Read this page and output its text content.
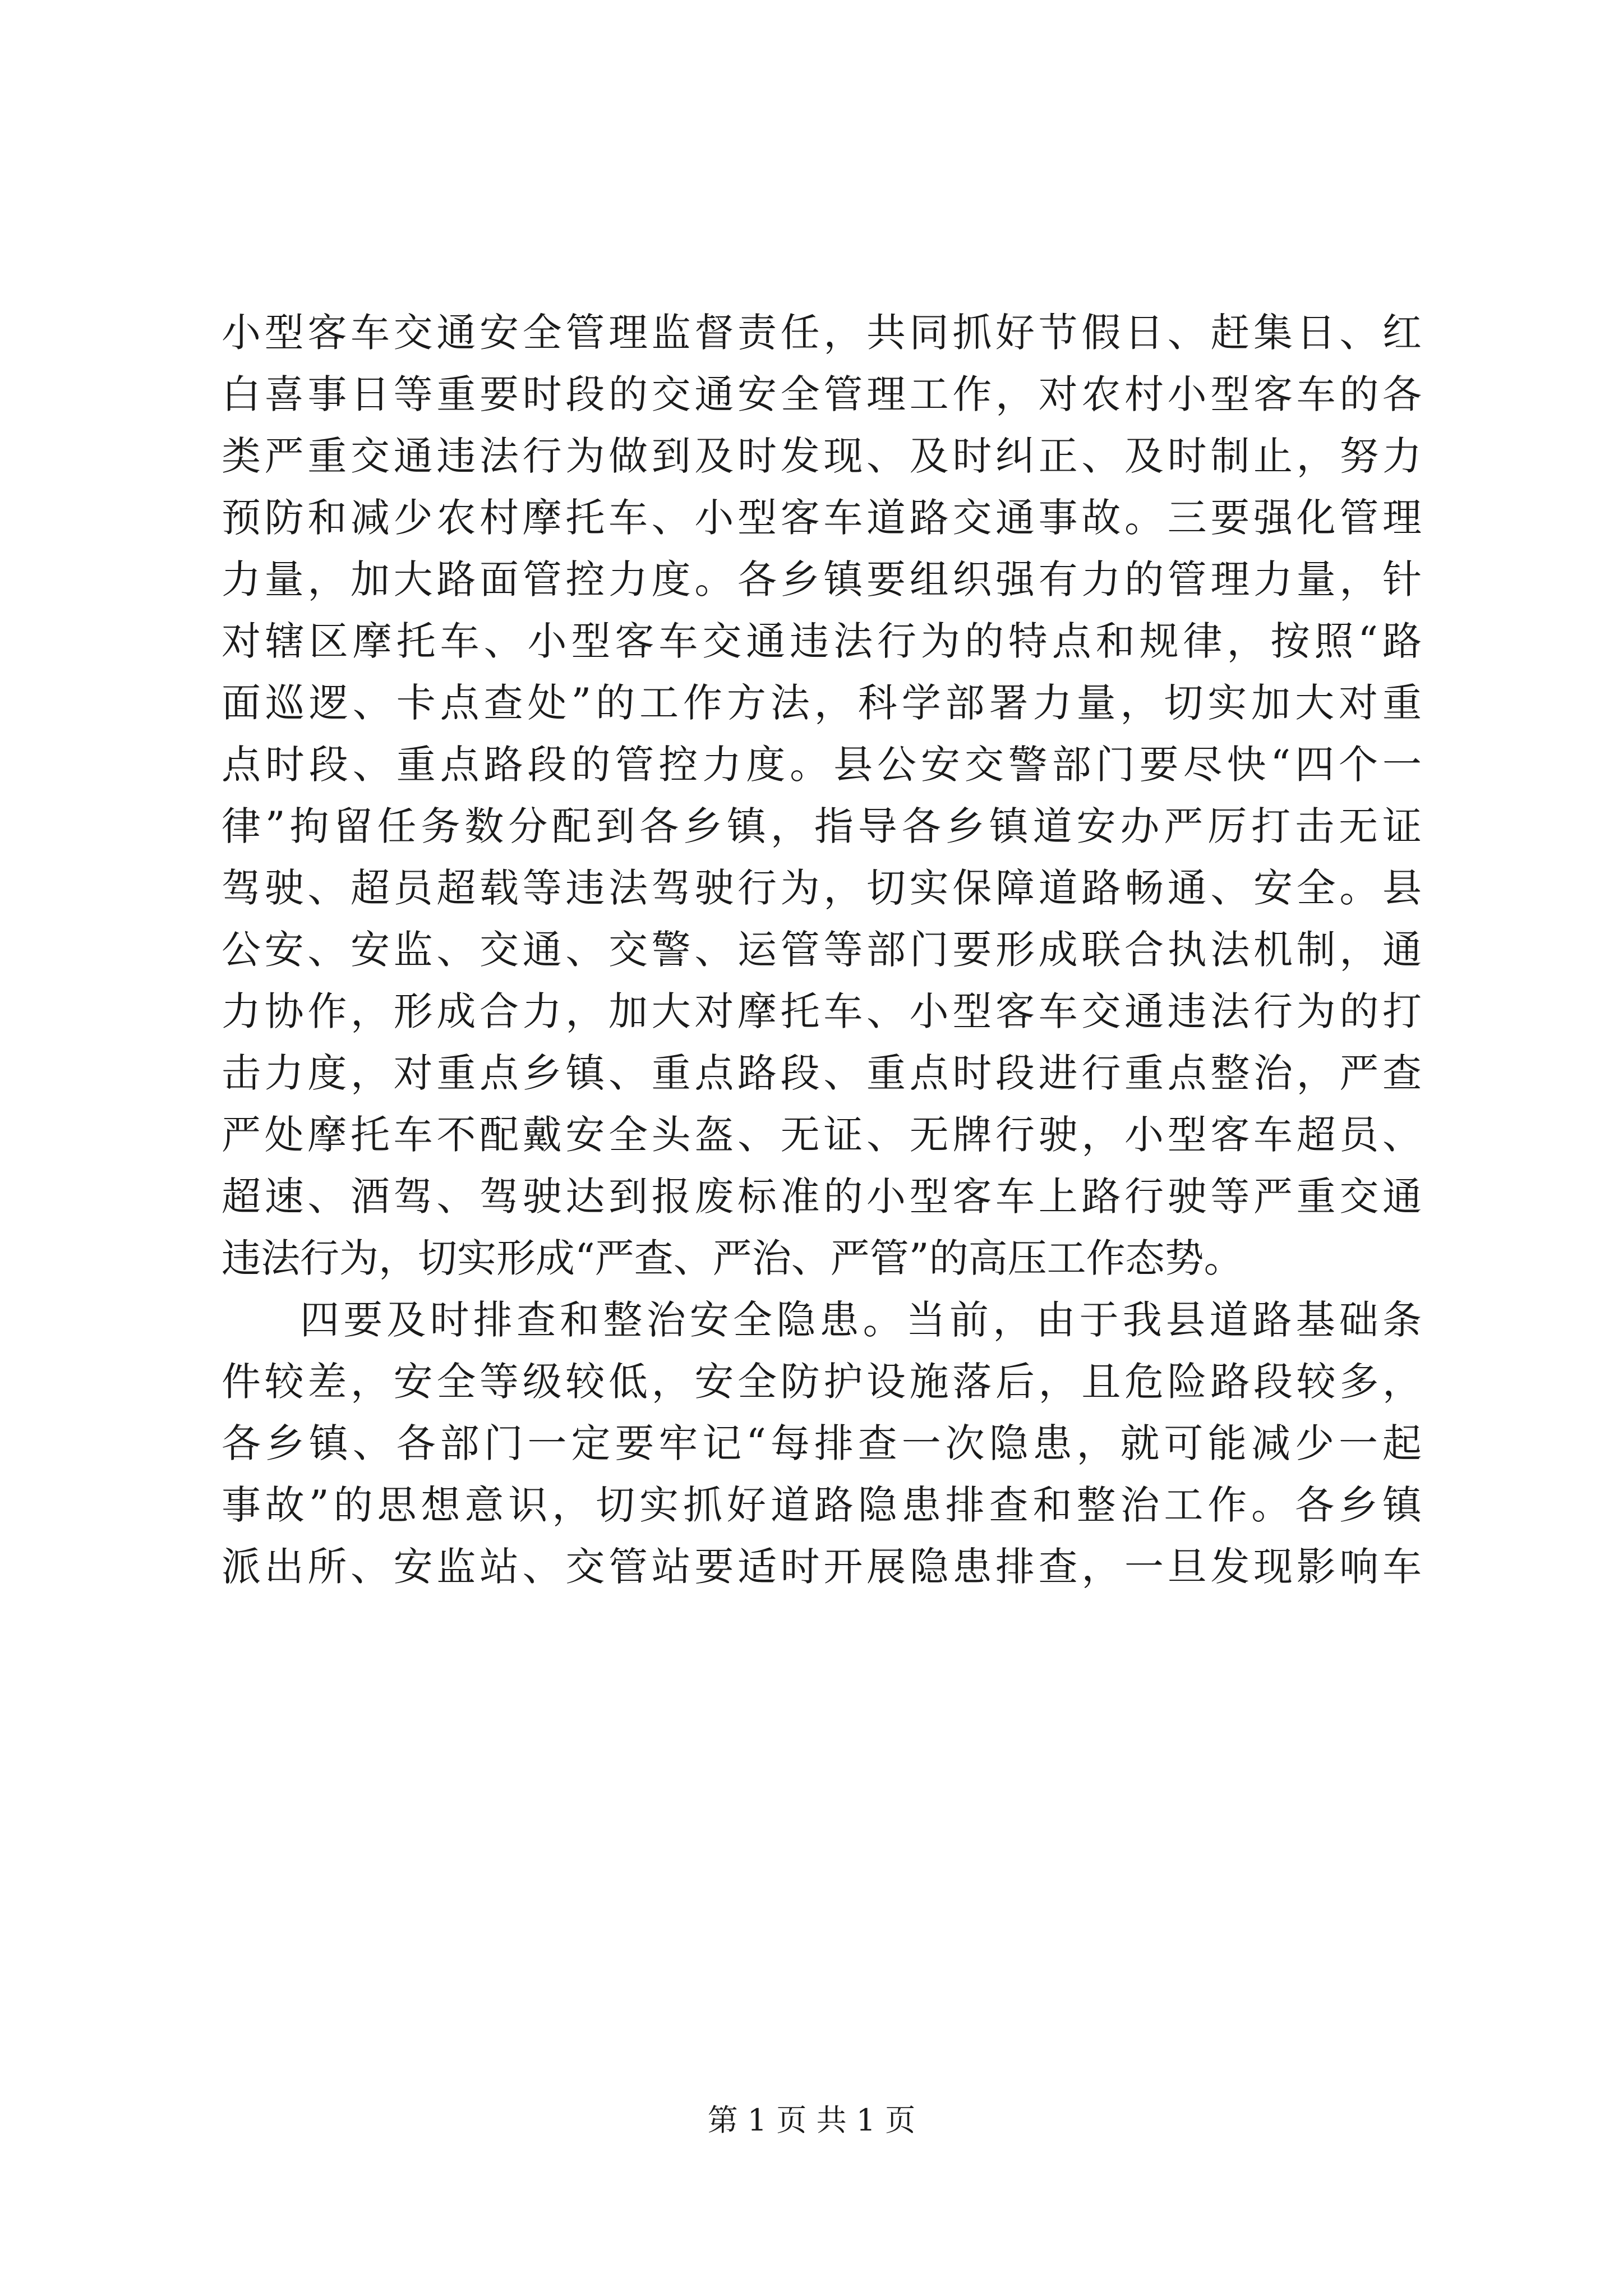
小型客车交通安全管理监督责任，共同抓好节假日、赶集日、红
白喜事日等重要时段的交通安全管理工作，对农村小型客车的各
类严重交通违法行为做到及时发现、及时纠正、及时制止，努力
预防和减少农村摩托车、小型客车道路交通事故。三要强化管理
力量，加大路面管控力度。各乡镇要组织强有力的管理力量，针
对辖区摩托车、小型客车交通违法行为的特点和规律，按照“路
面巡逻、卡点查处”的工作方法，科学部署力量，切实加大对重
点时段、重点路段的管控力度。县公安交警部门要尽快“四个一
律”拘留任务数分配到各乡镇，指导各乡镇道安办严厉打击无证
驾驶、超员超载等违法驾驶行为，切实保障道路畅通、安全。县
公安、安监、交通、交警、运管等部门要形成联合执法机制，通
力协作，形成合力，加大对摩托车、小型客车交通违法行为的打
击力度，对重点乡镇、重点路段、重点时段进行重点整治，严查
严处摩托车不配戴安全头盔、无证、无牌行驶，小型客车超员、
超速、酒驾、驾驶达到报废标准的小型客车上路行驶等严重交通
违法行为，切实形成“严查、严治、严管”的高压工作态势。
四要及时排查和整治安全隐患。当前，由于我县道路基础条
件较差，安全等级较低，安全防护设施落后，且危险路段较多，
各乡镇、各部门一定要牢记“每排查一次隐患，就可能减少一起
事故”的思想意识，切实抓好道路隐患排查和整治工作。各乡镇
派出所、安监站、交管站要适时开展隐患排查，一旦发现影响车
第 1 页 共 1 页
